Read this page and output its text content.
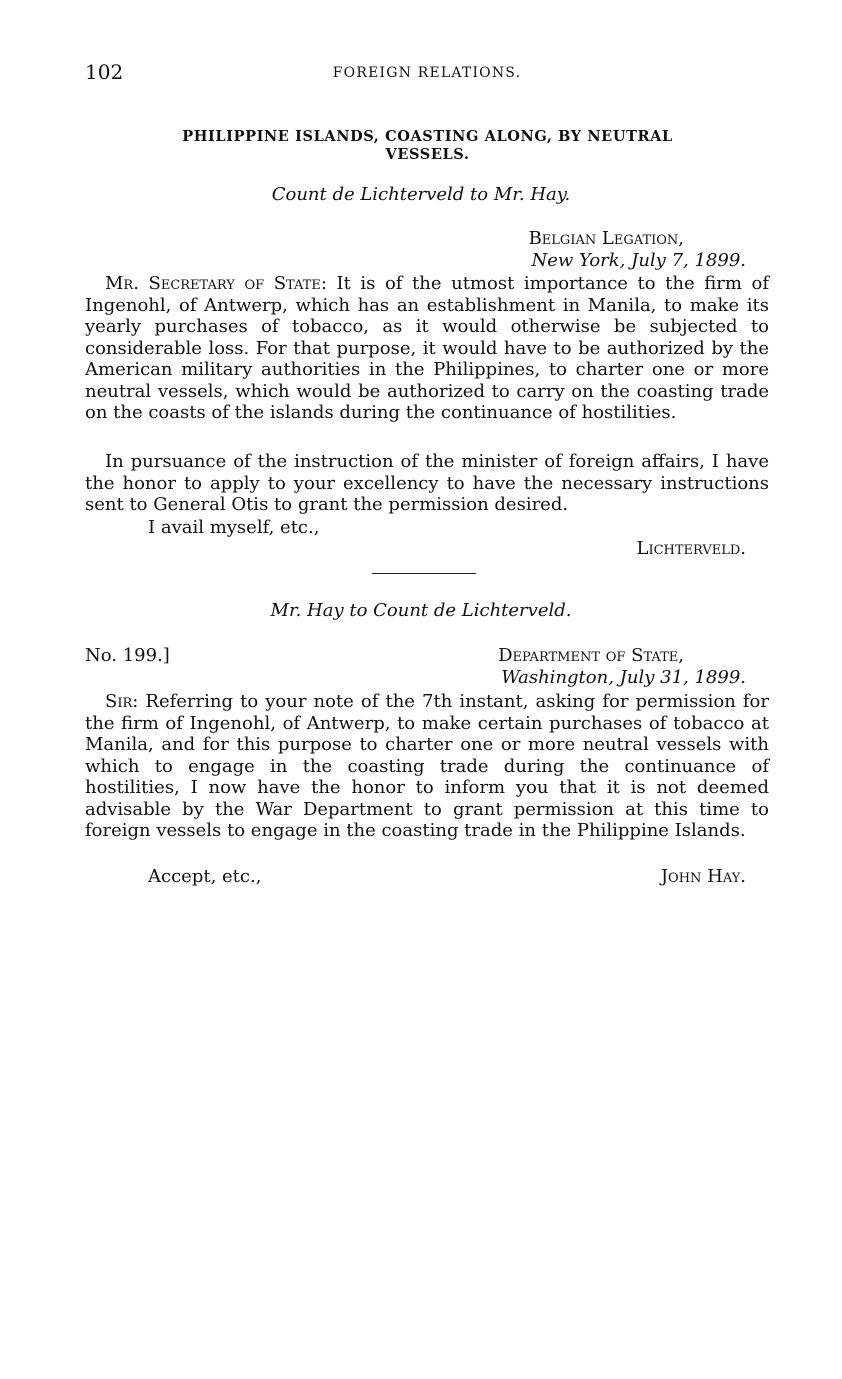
102	FOREIGN RELATIONS.
PHILIPPINE ISLANDS, COASTING ALONG, BY NEUTRAL
VESSELS.
Count de Lichterveld to Mr. Hay.
Belgian Legation,
New York, July 7, 1899.

Mr. Secretary of State: It is of the utmost importance to the firm of Ingenohl, of Antwerp, which has an establishment in Manila, to make its yearly purchases of tobacco, as it would otherwise be subjected to considerable loss. For that purpose, it would have to be authorized by the American military authorities in the Philippines, to charter one or more neutral vessels, which would be authorized to carry on the coasting trade on the coasts of the islands during the continuance of hostilities.

In pursuance of the instruction of the minister of foreign affairs, I have the honor to apply to your excellency to have the necessary instructions sent to General Otis to grant the permission desired.

I avail myself, etc.,
Lichterveld.
Mr. Hay to Count de Lichterveld.
No. 199.]	Department of State,
Washington, July 31, 1899.

Sir: Referring to your note of the 7th instant, asking for permission for the firm of Ingenohl, of Antwerp, to make certain purchases of tobacco at Manila, and for this purpose to charter one or more neutral vessels with which to engage in the coasting trade during the continuance of hostilities, I now have the honor to inform you that it is not deemed advisable by the War Department to grant permission at this time to foreign vessels to engage in the coasting trade in the Philippine Islands.

Accept, etc.,	John Hay.
